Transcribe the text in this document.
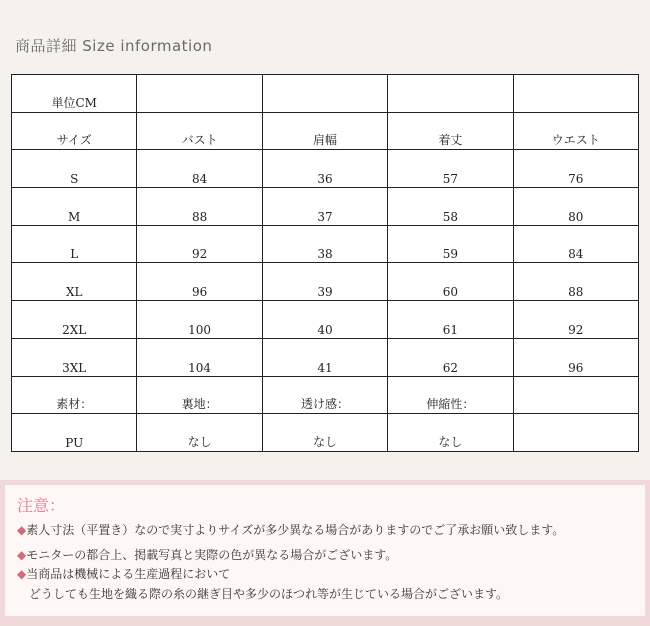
商品詳細 Size information
単位CM				
サイズ	バスト	肩幅	着丈	ウエスト
S	84	36	57	76
M	88	37	58	80
L	92	38	59	84
XL	96	39	60	88
2XL	100	40	61	92
3XL	104	41	62	96
素材：	裏地：	透け感：	伸縮性：	
PU	なし	なし	なし	
注意：
◆素人寸法（平置き）なので実寸よりサイズが多少異なる場合がありますのでご了承お願い致します。
◆モニターの都合上、掲載写真と実際の色が異なる場合がございます。
◆当商品は機械による生産過程において
どうしても生地を織る際の糸の継ぎ目や多少のほつれ等が生じている場合がございます。
